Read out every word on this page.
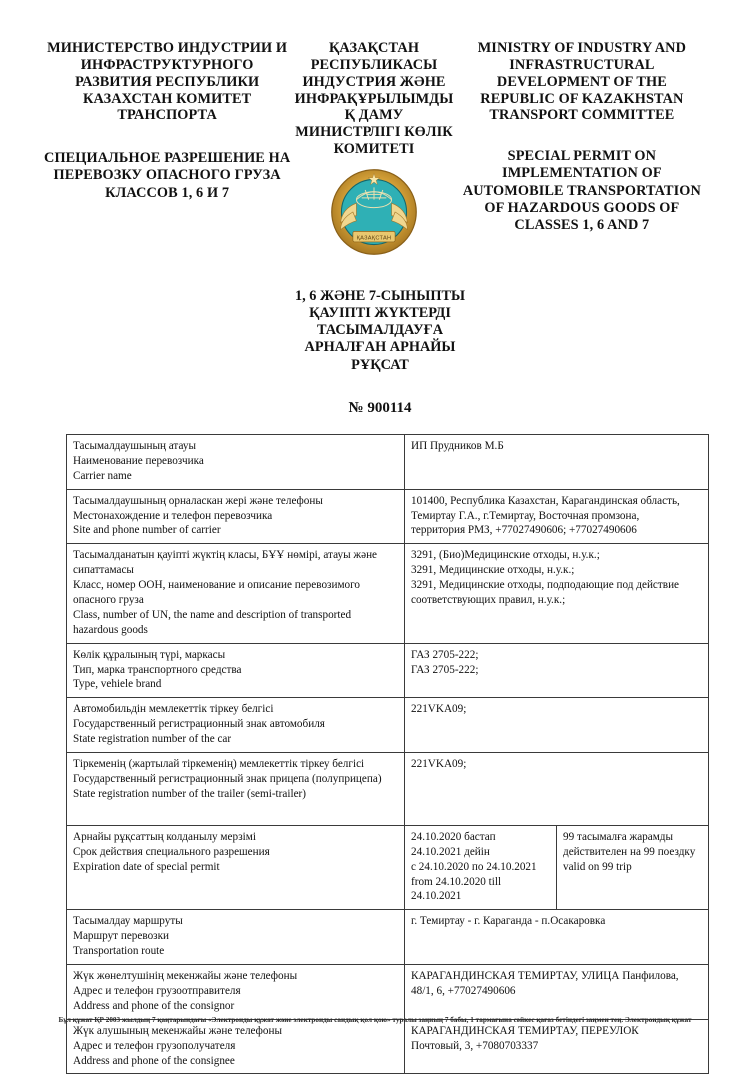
МИНИСТЕРСТВО ИНДУСТРИИ И ИНФРАСТРУКТУРНОГО РАЗВИТИЯ РЕСПУБЛИКИ КАЗАХСТАН КОМИТЕТ ТРАНСПОРТА
СПЕЦИАЛЬНОЕ РАЗРЕШЕНИЕ НА ПЕРЕВОЗКУ ОПАСНОГО ГРУЗА КЛАССОВ 1, 6 И 7
ҚАЗАҚСТАН РЕСПУБЛИКАСЫ ИНДУСТРИЯ ЖӘНЕ ИНФРАҚҰРЫЛЫМДЫ Қ ДАМУ МИНИСТРЛІГІ КӨЛІК КОМИТЕТІ
MINISTRY OF INDUSTRY AND INFRASTRUCTURAL DEVELOPMENT OF THE REPUBLIC OF KAZAKHSTAN TRANSPORT COMMITTEE
SPECIAL PERMIT ON IMPLEMENTATION OF AUTOMOBILE TRANSPORTATION OF HAZARDOUS GOODS OF CLASSES 1, 6 AND 7
ҚАЗАҚСТАН
1, 6 ЖӘНЕ 7-СЫНЫПТЫ ҚАУІПТІ ЖҮКТЕРДІ ТАСЫМАЛДАУҒА АРНАЛҒАН АРНАЙЫ РҰҚСАТ
№ 900114
Тасымалдаушының атауы
Наименование перевозчика
Carrier name	ИП Прудников М.Б	

Тасымалдаушының орналаскан жері және телефоны
Местонахождение и телефон перевозчика
Site and phone number of carrier	101400, Республика Казахстан, Карагандинская область,
Темиртау Г.А., г.Темиртау, Восточная промзона,
территория РМЗ, +77027490606; +77027490606	

Тасымалданатын қауіпті жүктің класы, БҰҰ нөмірі, атауы және сипаттамасы
Класс, номер ООН, наименование и описание перевозимого опасного груза
Class, number of UN, the name and description of transported hazardous goods

3291, (Био)Медицинские отходы, н.у.к.;
3291, Медицинские отходы, н.у.к.;
3291, Медицинские отходы, подподающие под действие соответствующих правил, н.у.к.;

Көлік құралының түрі, маркасы
Тип, марка транспортного средства
Type, vehiele brand	ГАЗ 2705-222;
ГАЗ 2705-222;	

Автомобильдін мемлекеттік тіркеу белгісі
Государственный регистрационный знак автомобиля
State registration number of the car	221VKA09;	

Тіркеменің (жартылай тіркеменің) мемлекеттік тіркеу белгісі
Государственный регистрационный знак прицепа (полуприцепа)
State registration number of the trailer (semi-trailer)	221VKA09;	

Арнайы рұқсаттың колданылу мерзімі
Срок действия специального разрешения
Expiration date of special permit	24.10.2020 бастап
24.10.2021 дейін
с 24.10.2020 по 24.10.2021
from 24.10.2020 till
24.10.2021	99 тасымалға жарамды
действителен на 99 поездку
valid on 99 trip

Тасымалдау маршруты
Маршрут перевозки
Transportation route	г. Темиртау - г. Караганда - п.Осакаровка	

Жүк жөнелтушінің мекенжайы және телефоны
Адрес и телефон грузоотправителя
Address and phone of the consignor	КАРАГАНДИНСКАЯ ТЕМИРТАУ, УЛИЦА Панфилова,
48/1, 6, +77027490606	

Жүк алушының мекенжайы және телефоны
Адрес и телефон грузополучателя
Address and phone of the consignee	КАРАГАНДИНСКАЯ ТЕМИРТАУ, ПЕРЕУЛОК
Почтовый, 3, +7080703337	
Бұл құжат ҚР 2003 жылдың 7 қаңтарындағы «Электронды құжат және электронды сандық қол қою» туралы заңның 7 бабы, 1 тармағына сәйкес қағаз бетіндегі заңмен тең. Электрондық құжат
